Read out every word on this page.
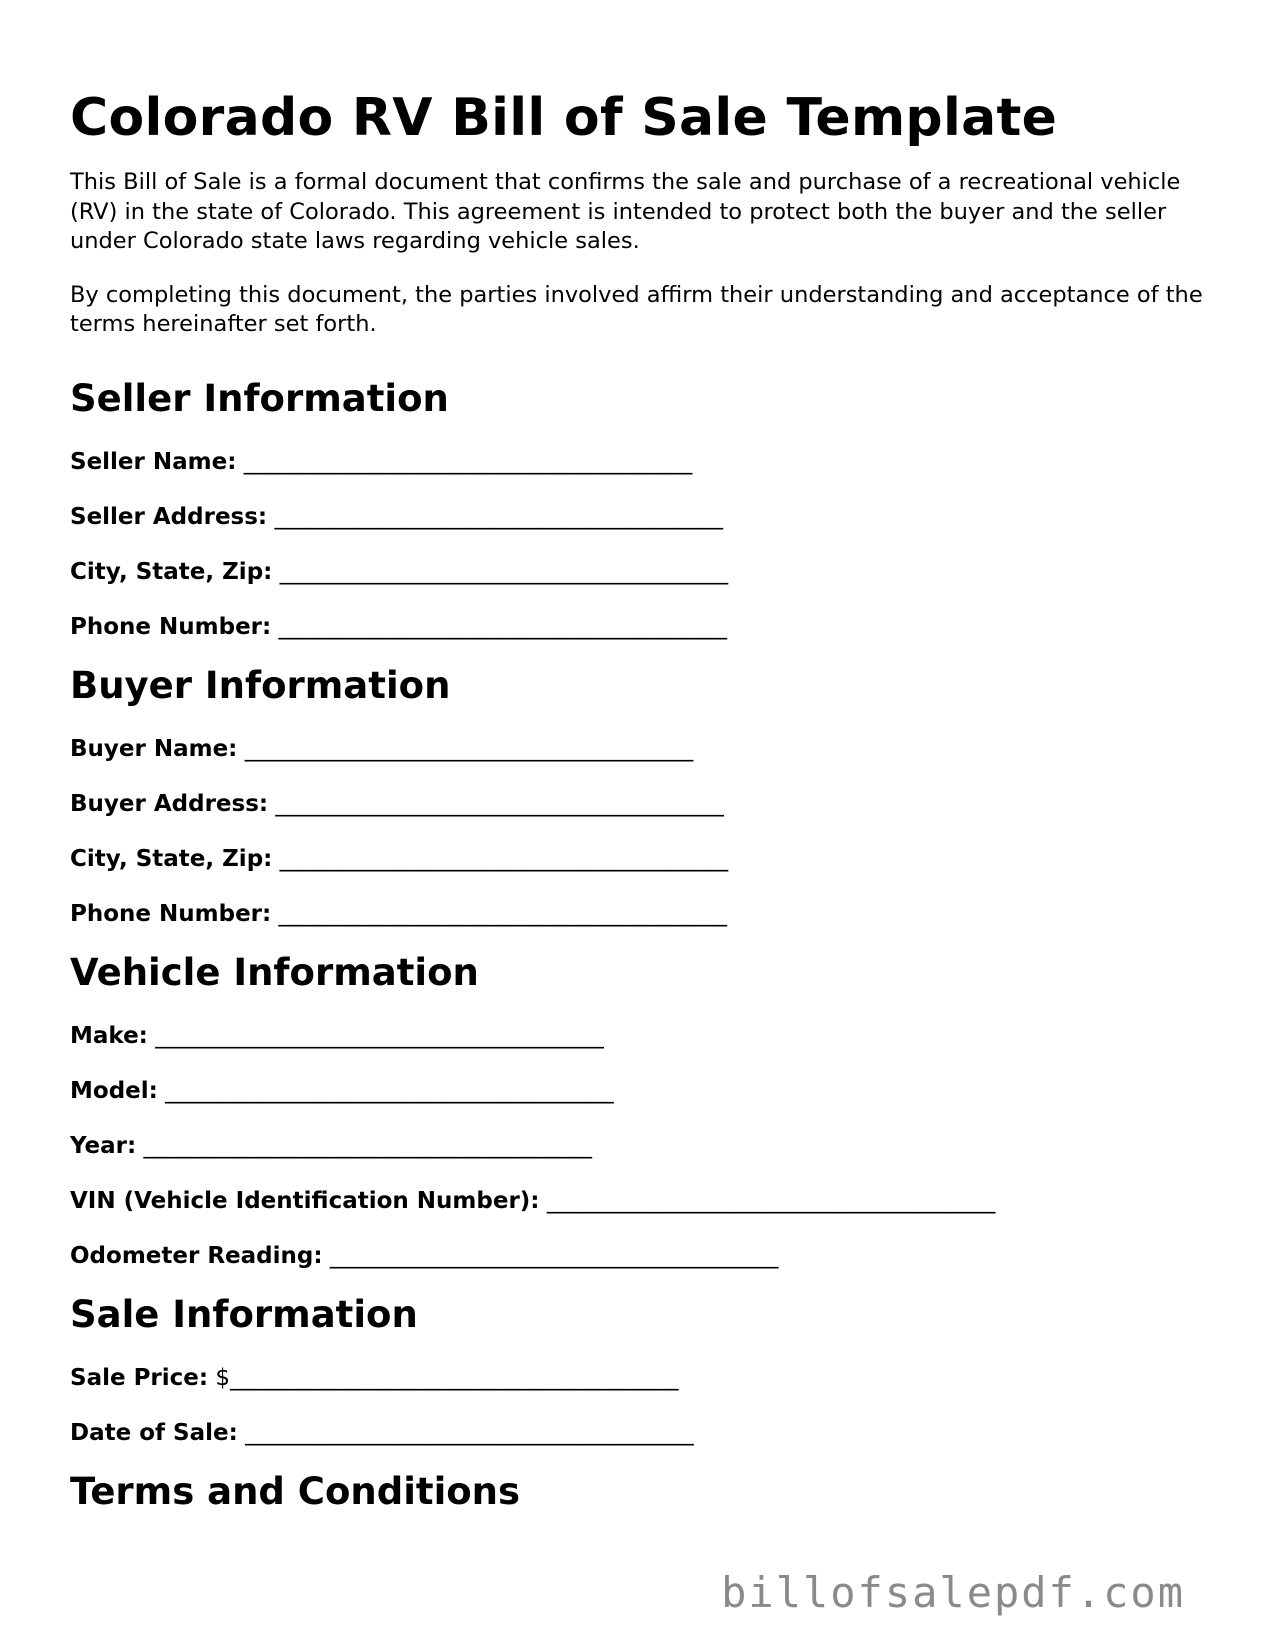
Colorado RV Bill of Sale Template

This Bill of Sale is a formal document that confirms the sale and purchase of a recreational vehicle (RV) in the state of Colorado. This agreement is intended to protect both the buyer and the seller under Colorado state laws regarding vehicle sales.

By completing this document, the parties involved affirm their understanding and acceptance of the terms hereinafter set forth.

Seller Information
Seller Name: _______________________________________
Seller Address: _______________________________________
City, State, Zip: _______________________________________
Phone Number: _______________________________________
Buyer Information
Buyer Name: _______________________________________
Buyer Address: _______________________________________
City, State, Zip: _______________________________________
Phone Number: _______________________________________
Vehicle Information
Make: _______________________________________
Model: _______________________________________
Year: _______________________________________
VIN (Vehicle Identification Number): _______________________________________
Odometer Reading: _______________________________________
Sale Information
Sale Price: $_______________________________________
Date of Sale: _______________________________________
Terms and Conditions
billofsalepdf.com
